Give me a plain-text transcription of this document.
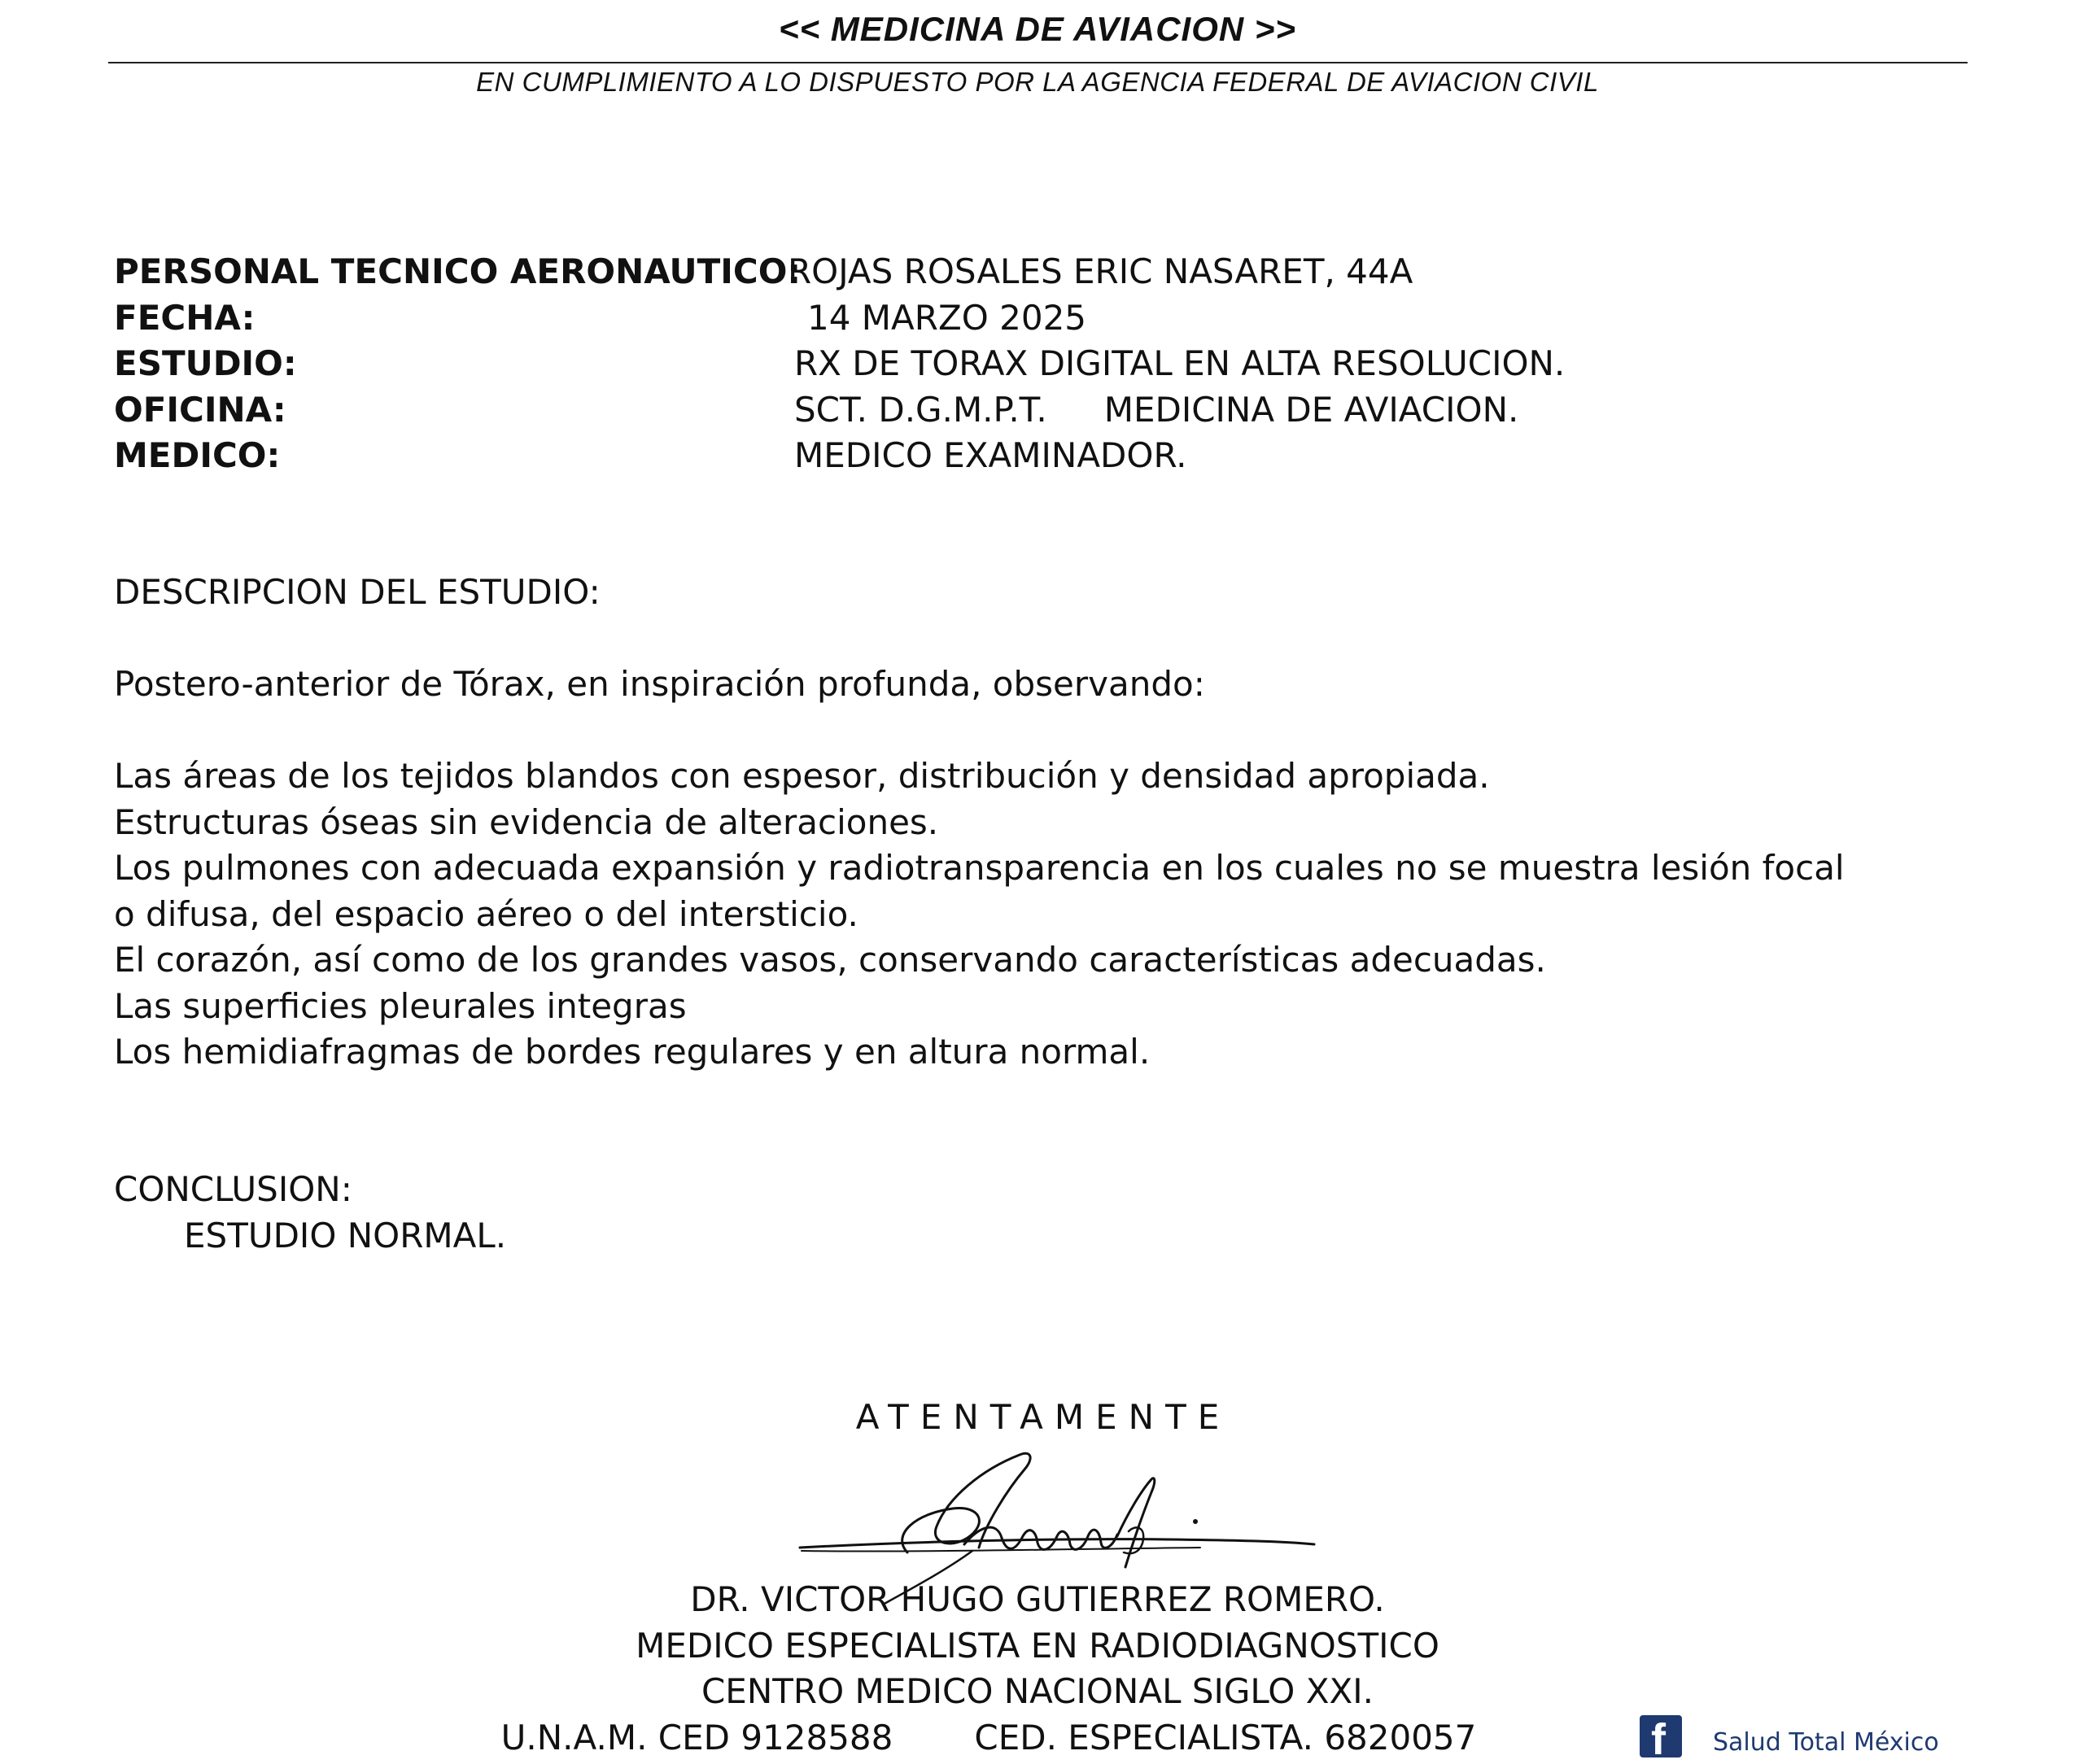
<< MEDICINA DE AVIACION >>
EN CUMPLIMIENTO A LO DISPUESTO POR LA AGENCIA FEDERAL DE AVIACION CIVIL
PERSONAL TECNICO AERONAUTICO:
ROJAS ROSALES ERIC NASARET, 44A
FECHA:	14 MARZO 2025
ESTUDIO:	RX DE TORAX DIGITAL EN ALTA RESOLUCION.
OFICINA:	SCT. D.G.M.P.T. MEDICINA DE AVIACION.
MEDICO:	MEDICO EXAMINADOR.
DESCRIPCION DEL ESTUDIO:
Postero-anterior de Tórax, en inspiración profunda, observando:
Las áreas de los tejidos blandos con espesor, distribución y densidad apropiada.
Estructuras óseas sin evidencia de alteraciones.
Los pulmones con adecuada expansión y radiotransparencia en los cuales no se muestra lesión focal
o difusa, del espacio aéreo o del intersticio.
El corazón, así como de los grandes vasos, conservando características adecuadas.
Las superficies pleurales integras
Los hemidiafragmas de bordes regulares y en altura normal.
CONCLUSION:
ESTUDIO NORMAL.
ATENTAMENTE
DR. VICTOR HUGO GUTIERREZ ROMERO.
MEDICO ESPECIALISTA EN RADIODIAGNOSTICO
CENTRO MEDICO NACIONAL SIGLO XXI.
U.N.A.M. CED 9128588 CED. ESPECIALISTA. 6820057	f Salud Total México
